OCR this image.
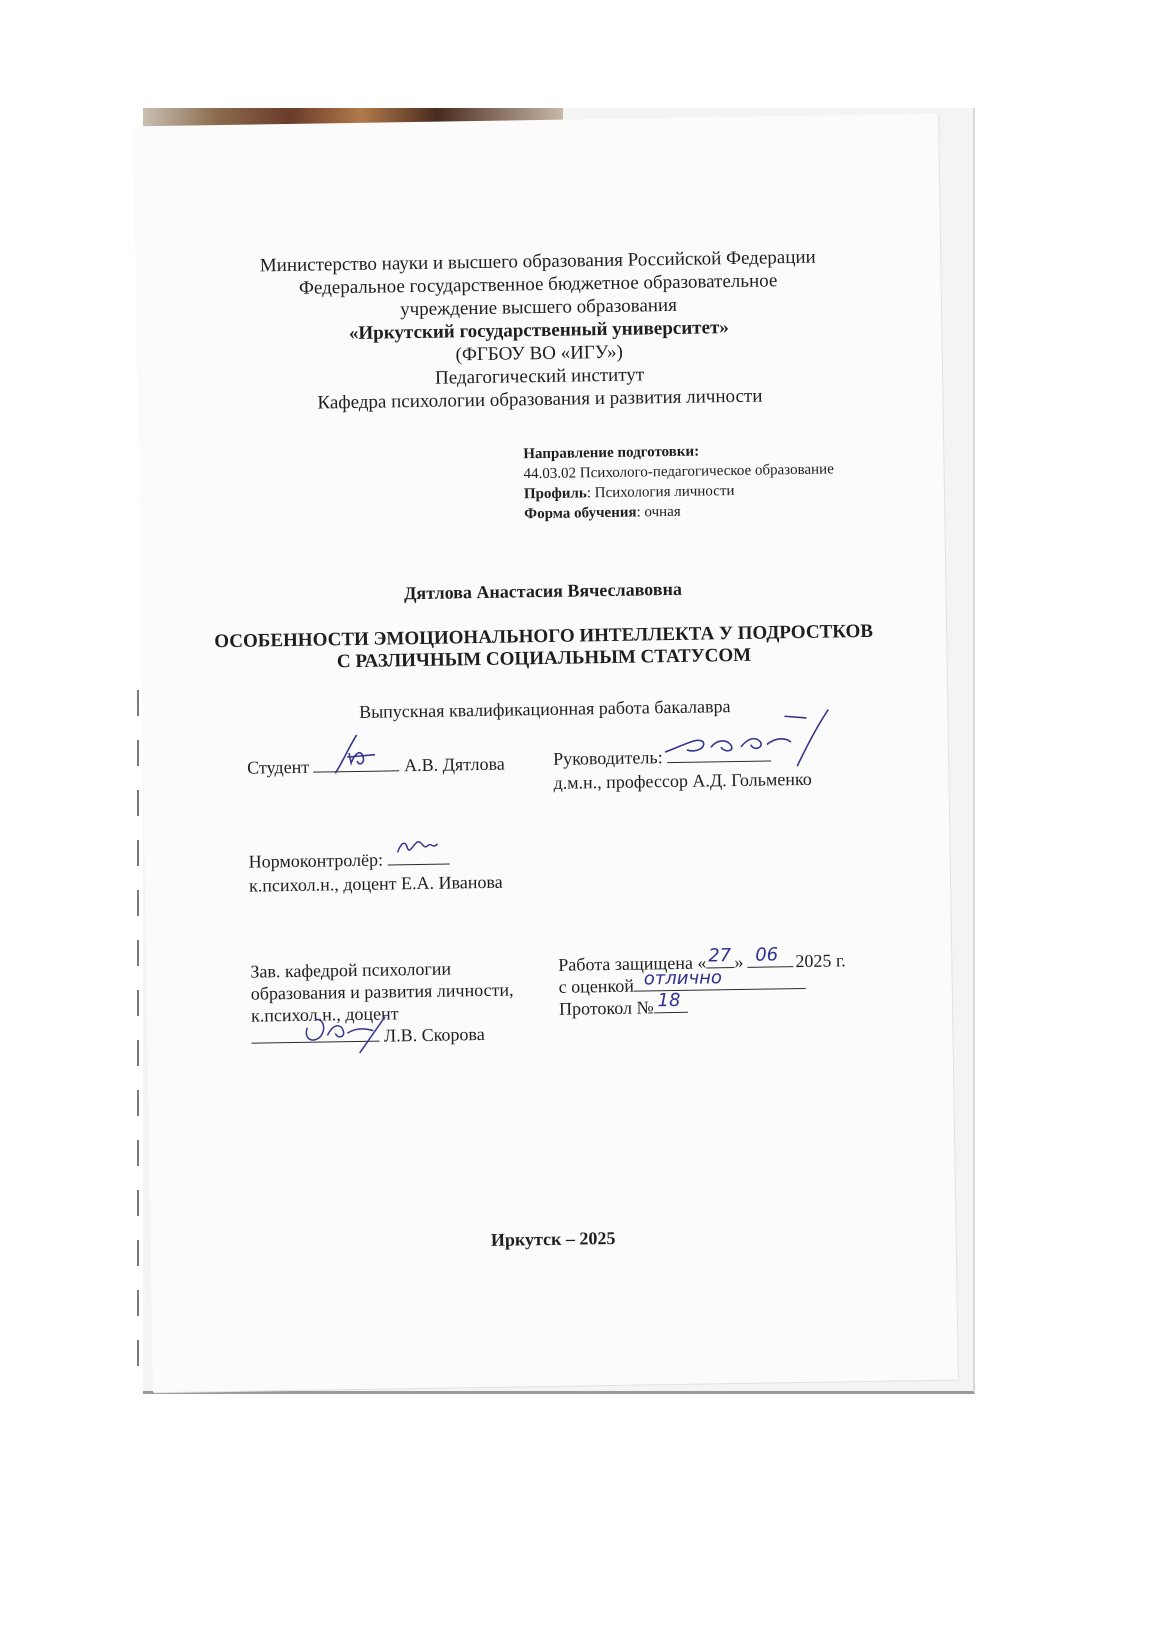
Министерство науки и высшего образования Российской Федерации
Федеральное государственное бюджетное образовательное
учреждение высшего образования
«Иркутский государственный университет»
(ФГБОУ ВО «ИГУ»)
Педагогический институт
Кафедра психологии образования и развития личности
Направление подготовки:
44.03.02 Психолого-педагогическое образование
Профиль: Психология личности
Форма обучения: очная
Дятлова Анастасия Вячеславовна
ОСОБЕННОСТИ ЭМОЦИОНАЛЬНОГО ИНТЕЛЛЕКТА У ПОДРОСТКОВ
С РАЗЛИЧНЫМ СОЦИАЛЬНЫМ СТАТУСОМ
Выпускная квалификационная работа бакалавра
Студент	А.В. Дятлова	Руководитель:
д.м.н., профессор А.Д. Гольменко
Нормоконтролёр:
к.психол.н., доцент Е.А. Иванова
Зав. кафедрой психологии
образования и развития личности,
к.психол.н., доцент
Л.В. Скорова
Работа защищена « 27 » 06 2025 г.
с оценкой отлично
Протокол № 18
Иркутск – 2025
